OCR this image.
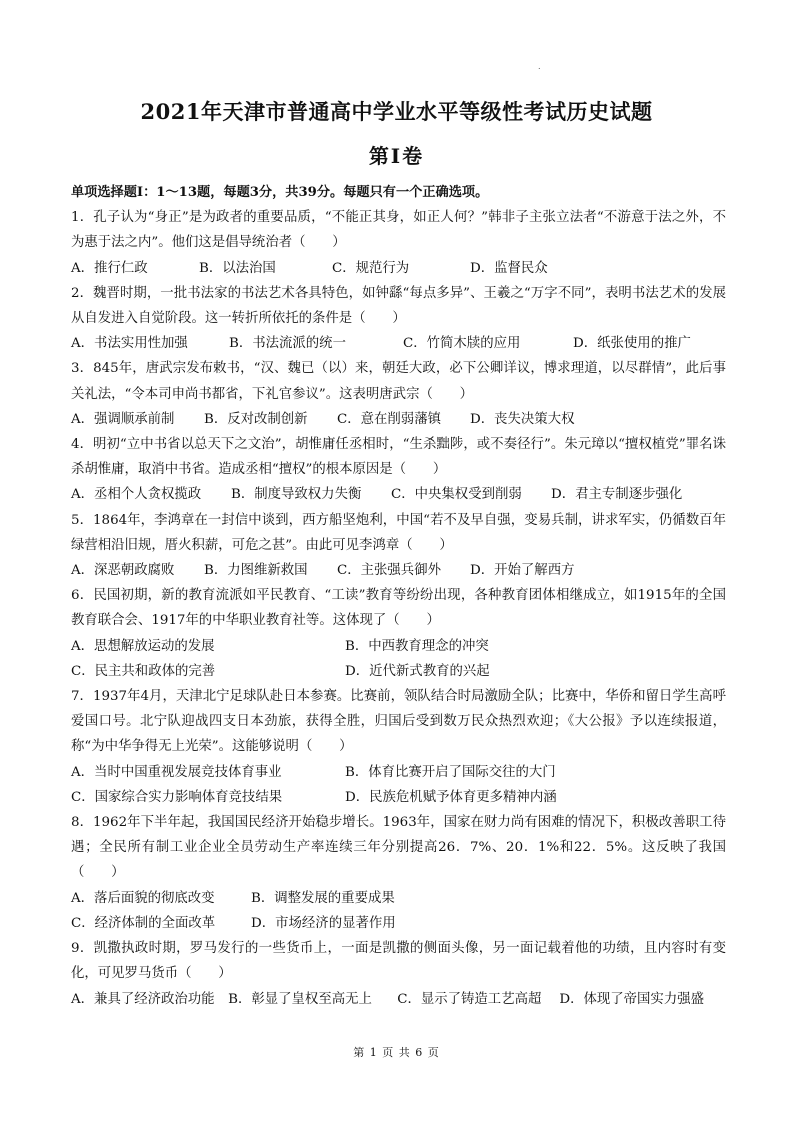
.
2021年天津市普通高中学业水平等级性考试历史试题
第Ⅰ卷
单项选择题Ⅰ：1～13题，每题3分，共39分。每题只有一个正确选项。

1．孔子认为“身正”是为政者的重要品质，“不能正其身，如正人何？”韩非子主张立法者“不游意于法之外，不为惠于法之内”。他们这是倡导统治者（　　）

A．推行仁政	B．以法治国	C．规范行为	D．监督民众

2．魏晋时期，一批书法家的书法艺术各具特色，如钟繇“每点多异”、王羲之“万字不同”，表明书法艺术的发展从自发进入自觉阶段。这一转折所依托的条件是（　　）

A．书法实用性加强	B．书法流派的统一	C．竹简木牍的应用	D．纸张使用的推广

3．845年，唐武宗发布敕书，“汉、魏已（以）来，朝廷大政，必下公卿详议，博求理道，以尽群情”，此后事关礼法，“令本司申尚书都省，下礼官参议”。这表明唐武宗（　　）

A．强调顺承前制	B．反对改制创新	C．意在削弱藩镇	D．丧失决策大权

4．明初“立中书省以总天下之文治”，胡惟庸任丞相时，“生杀黜陟，或不奏径行”。朱元璋以“擅权植党”罪名诛杀胡惟庸，取消中书省。造成丞相“擅权”的根本原因是（　　）

A．丞相个人贪权揽政	B．制度导致权力失衡	C．中央集权受到削弱	D．君主专制逐步强化

5．1864年，李鸿章在一封信中谈到，西方船坚炮利，中国“若不及早自强，变易兵制，讲求军实，仍循数百年绿营相沿旧规，厝火积薪，可危之甚”。由此可见李鸿章（　　）

A．深恶朝政腐败	B．力图维新救国	C．主张强兵御外	D．开始了解西方

6．民国初期，新的教育流派如平民教育、“工读”教育等纷纷出现，各种教育团体相继成立，如1915年的全国教育联合会、1917年的中华职业教育社等。这体现了（　　）

A．思想解放运动的发展	B．中西教育理念的冲突
C．民主共和政体的完善	D．近代新式教育的兴起

7．1937年4月，天津北宁足球队赴日本参赛。比赛前，领队结合时局激励全队；比赛中，华侨和留日学生高呼爱国口号。北宁队迎战四支日本劲旅，获得全胜，归国后受到数万民众热烈欢迎；《大公报》予以连续报道，称“为中华争得无上光荣”。这能够说明（　　）

A．当时中国重视发展竞技体育事业	B．体育比赛开启了国际交往的大门
C．国家综合实力影响体育竞技结果	D．民族危机赋予体育更多精神内涵

8．1962年下半年起，我国国民经济开始稳步增长。1963年，国家在财力尚有困难的情况下，积极改善职工待遇；全民所有制工业企业全员劳动生产率连续三年分别提高26．7%、20．1%和22．5%。这反映了我国（　　）

A．落后面貌的彻底改变	B．调整发展的重要成果
C．经济体制的全面改革	D．市场经济的显著作用

9．凯撒执政时期，罗马发行的一些货币上，一面是凯撒的侧面头像，另一面记载着他的功绩，且内容时有变化，可见罗马货币（　　）

A．兼具了经济政治功能	B．彰显了皇权至高无上	C．显示了铸造工艺高超	D．体现了帝国实力强盛
第 1 页 共 6 页
